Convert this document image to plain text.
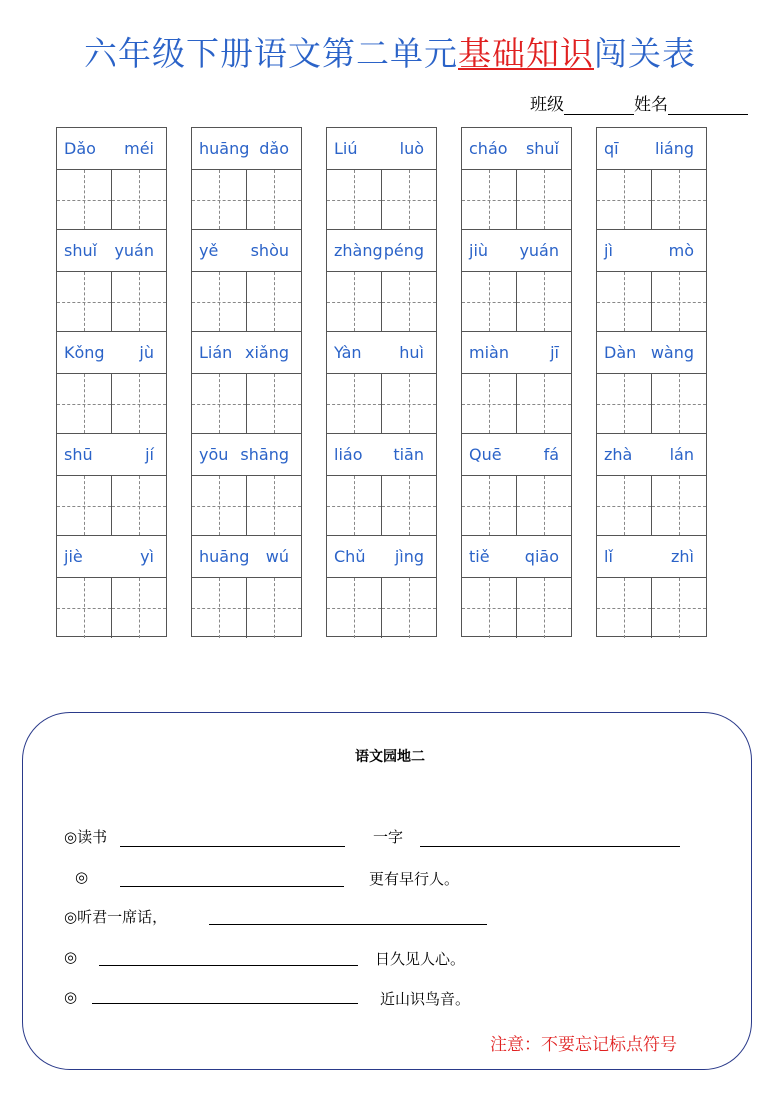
六年级下册语文第二单元基础知识闯关表
班级	姓名
Dǎo méi
shuǐ yuán
Kǒng jù
shū	jí
jiè	yì
huāng dǎo
yě shòu
Lián xiǎng
yōu shāng
huāng wú
Liú	luò
zhàng péng
Yàn huì
liáo tiān
Chǔ jìng
cháo shuǐ
jiù yuán
miàn	jī
Quē	fá
tiě qiāo
qī liáng
jì	mò
Dàn wàng
zhà lán
lǐ	zhì
语文园地二
◎读书	一字
◎	更有早行人。
◎听君一席话，
◎	日久见人心。
◎	近山识鸟音。
注意：不要忘记标点符号
